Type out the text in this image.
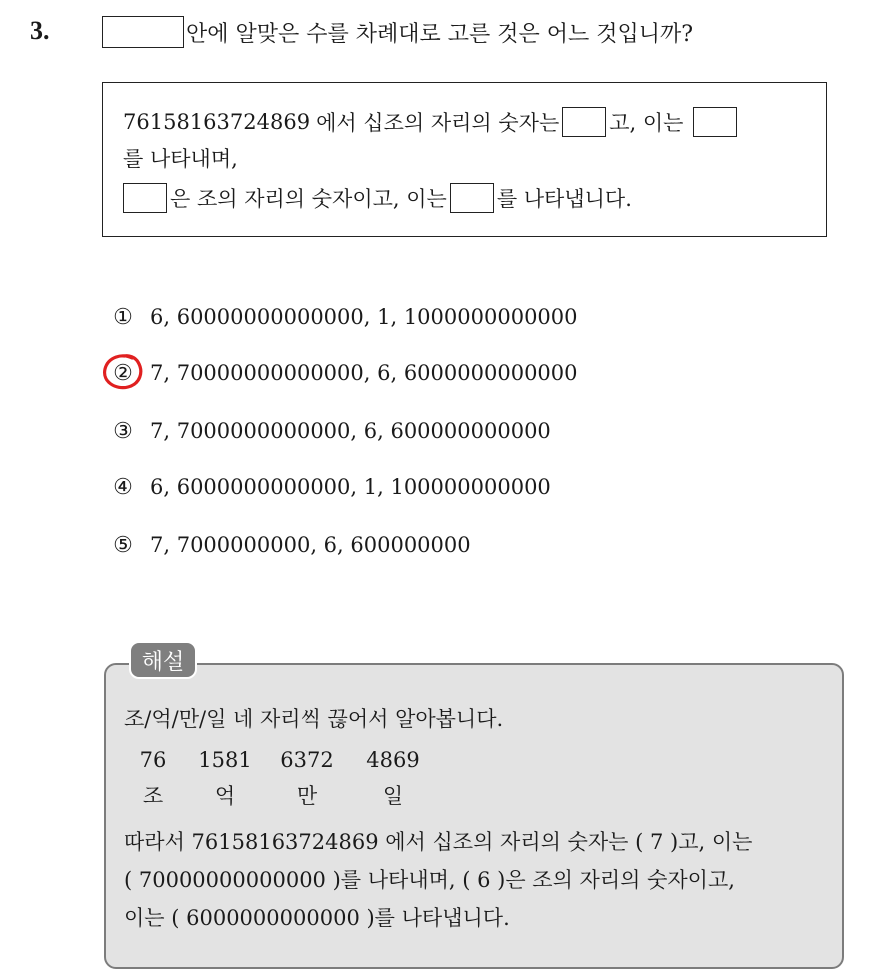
3.	안에 알맞은 수를 차례대로 고른 것은 어느 것입니까?
76158163724869 에서 십조의 자리의 숫자는 고, 이는
를 나타내며,
은 조의 자리의 숫자이고, 이는 를 나타냅니다.
① 6, 60000000000000, 1, 1000000000000
② 7, 70000000000000, 6, 6000000000000
③ 7, 7000000000000, 6, 600000000000
④ 6, 6000000000000, 1, 100000000000
⑤ 7, 7000000000, 6, 600000000
해설
조/억/만/일 네 자리씩 끊어서 알아봅니다.
76
조
1581
억
6372
만
4869
일
따라서 76158163724869 에서 십조의 자리의 숫자는 ( 7 )고, 이는
( 70000000000000 )를 나타내며, ( 6 )은 조의 자리의 숫자이고,
이는 ( 6000000000000 )를 나타냅니다.
